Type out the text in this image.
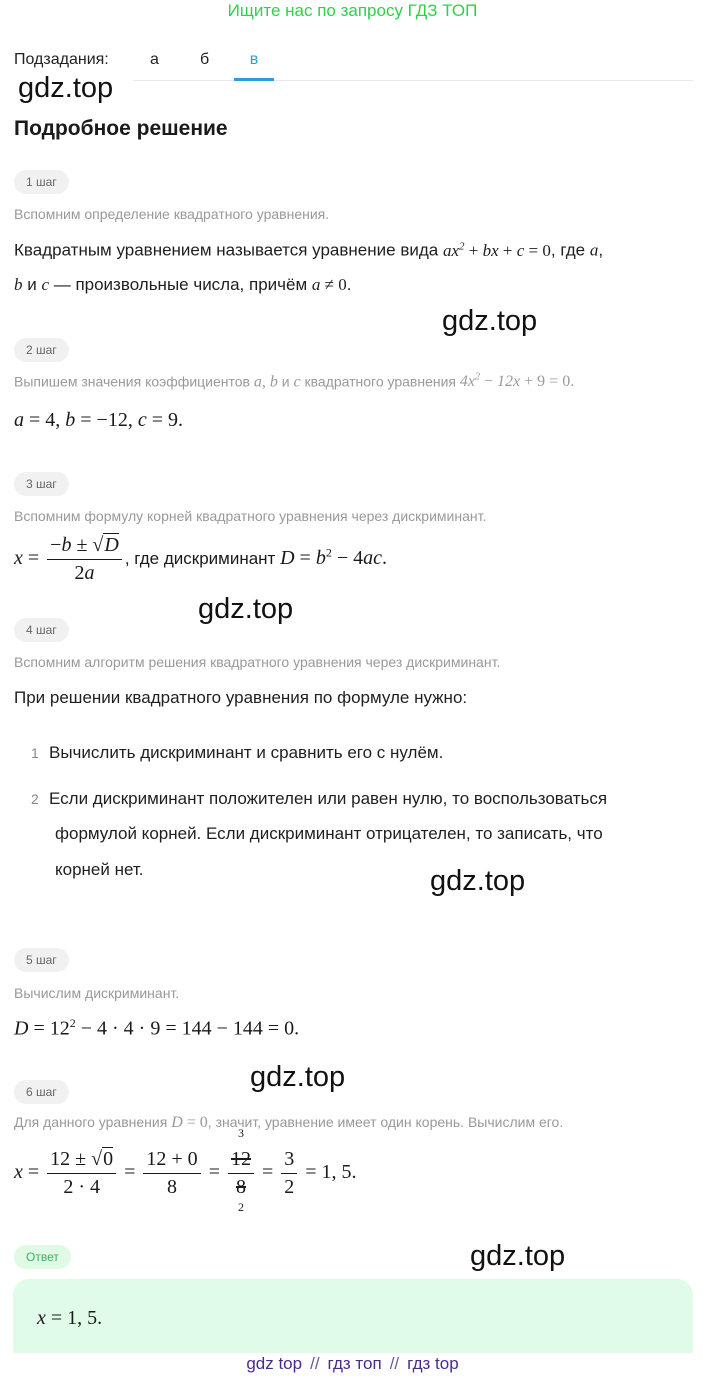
Ищите нас по запросу ГДЗ ТОП
Подзадания:	а	б	в
gdz.top
gdz.top
gdz.top
gdz.top
gdz.top
gdz.top
Подробное решение
1 шаг
Вспомним определение квадратного уравнения.
Квадратным уравнением называется уравнение вида $ax^2$ + bx + c = 0, где a,
b и c — произвольные числа, причём a ≠ 0.
2 шаг
Выпишем значения коэффициентов a, b и c квадратного уравнения $4x^2 - 12x + 9 = 0$.
a = 4, b = −12, c = 9.
3 шаг
Вспомним формулу корней квадратного уравнения через дискриминант.
$x = \frac{-b \pm √D}{2a}$ , где дискриминант $D = b^2 - 4ac$.
4 шаг
Вспомним алгоритм решения квадратного уравнения через дискриминант.
При решении квадратного уравнения по формуле нужно:
1 Вычислить дискриминант и сравнить его с нулём.
2 Если дискриминант положителен или равен нулю, то воспользоваться
формулой корней. Если дискриминант отрицателен, то записать, что
корней нет.
5 шаг
Вычислим дискриминант.
$D = 12^2 - 4 \cdot 4 \cdot 9 = 144 - 144 = 0$.
6 шаг
Для данного уравнения D = 0, значит, уравнение имеет один корень. Вычислим его.
$x = \frac{12 \pm √0}{2 \cdot 4} = \frac{12 + 0}{8}$ =
3
12
8
2
= $\frac{3}{2} = 1$, 5.
Ответ
x = 1, 5.
gdz top // гдз топ // гдз top
